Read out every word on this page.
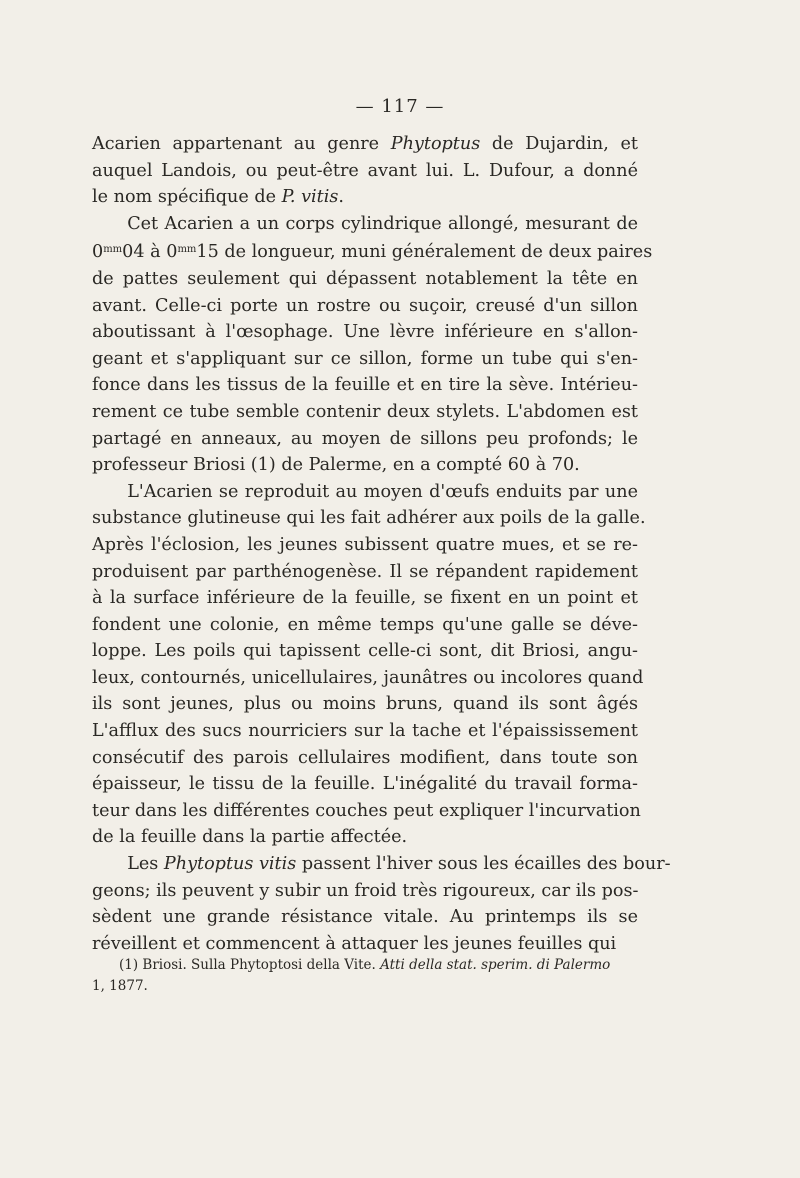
— 117 —
Acarien appartenant au genre Phytoptus de Dujardin, et
auquel Landois, ou peut-être avant lui. L. Dufour, a donné
le nom spécifique de P. vitis.
  Cet Acarien a un corps cylindrique allongé, mesurant de
$0^{mm}04$ à $0^{mm}15$ de longueur, muni généralement de deux paires
de pattes seulement qui dépassent notablement la tête en
avant. Celle-ci porte un rostre ou suçoir, creusé d'un sillon
aboutissant à l'œsophage. Une lèvre inférieure en s'allon-
geant et s'appliquant sur ce sillon, forme un tube qui s'en-
fonce dans les tissus de la feuille et en tire la sève. Intérieu-
rement ce tube semble contenir deux stylets. L'abdomen est
partagé en anneaux, au moyen de sillons peu profonds; le
professeur Briosi (1) de Palerme, en a compté 60 à 70.
  L'Acarien se reproduit au moyen d'œufs enduits par une
substance glutineuse qui les fait adhérer aux poils de la galle.
Après l'éclosion, les jeunes subissent quatre mues, et se re-
produisent par parthénogenèse. Il se répandent rapidement
à la surface inférieure de la feuille, se fixent en un point et
fondent une colonie, en même temps qu'une galle se déve-
loppe. Les poils qui tapissent celle-ci sont, dit Briosi, angu-
leux, contournés, unicellulaires, jaunâtres ou incolores quand
ils sont jeunes, plus ou moins bruns, quand ils sont âgés
L'afflux des sucs nourriciers sur la tache et l'épaississement
consécutif des parois cellulaires modifient, dans toute son
épaisseur, le tissu de la feuille. L'inégalité du travail forma-
teur dans les différentes couches peut expliquer l'incurvation
de la feuille dans la partie affectée.
  Les Phytoptus vitis passent l'hiver sous les écailles des bour-
geons; ils peuvent y subir un froid très rigoureux, car ils pos-
sèdent une grande résistance vitale. Au printemps ils se
réveillent et commencent à attaquer les jeunes feuilles qui
  (1) Briosi. Sulla Phytoptosi della Vite. Atti della stat. sperim. di Palermo
1, 1877.
